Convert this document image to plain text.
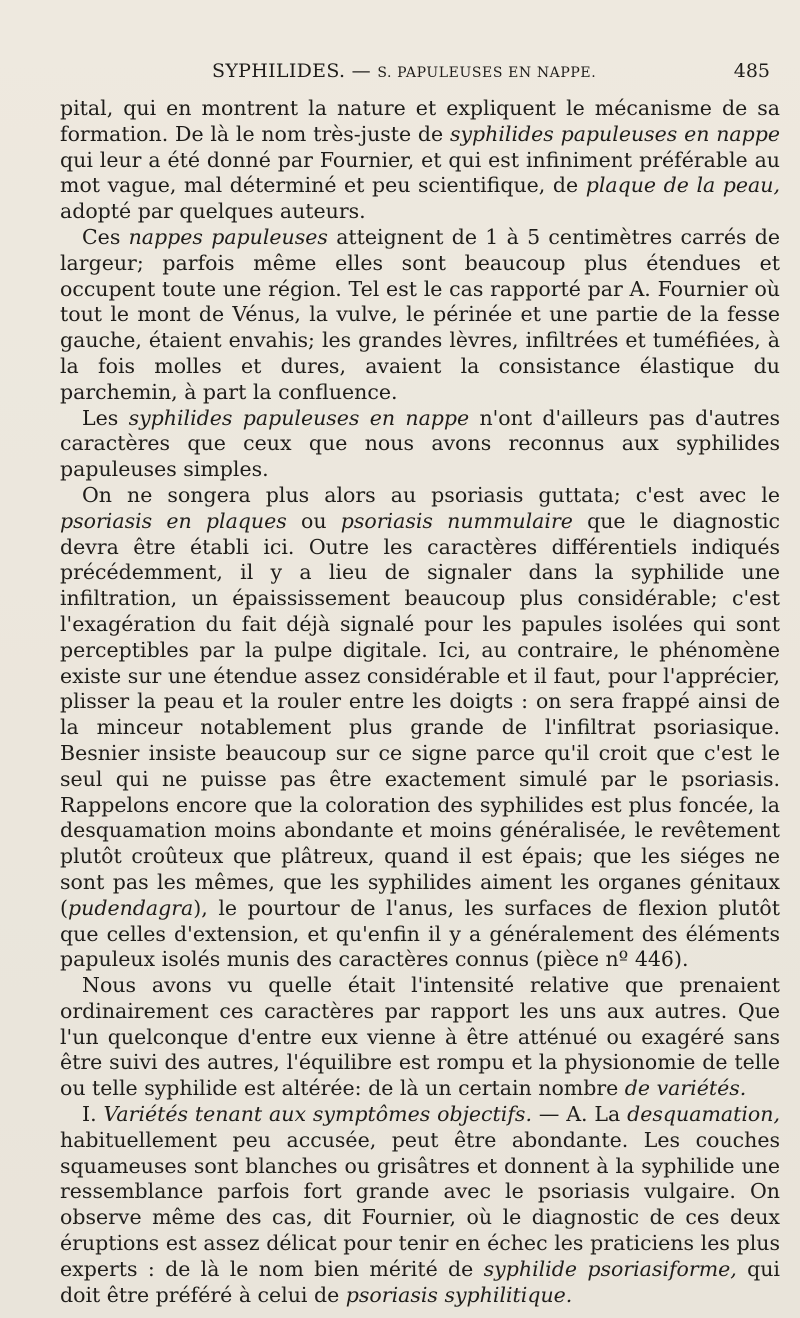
SYPHILIDES. — S. PAPULEUSES EN NAPPE.	485

pital, qui en montrent la nature et expliquent le mécanisme de sa formation. De là le nom très-juste de syphilides papuleuses en nappe qui leur a été donné par Fournier, et qui est infiniment préférable au mot vague, mal déterminé et peu scientifique, de plaque de la peau, adopté par quelques auteurs.

Ces nappes papuleuses atteignent de 1 à 5 centimètres carrés de largeur; parfois même elles sont beaucoup plus étendues et occupent toute une région. Tel est le cas rapporté par A. Fournier où tout le mont de Vénus, la vulve, le périnée et une partie de la fesse gauche, étaient envahis; les grandes lèvres, infiltrées et tuméfiées, à la fois molles et dures, avaient la consistance élastique du parchemin, à part la confluence.

Les syphilides papuleuses en nappe n'ont d'ailleurs pas d'autres caractères que ceux que nous avons reconnus aux syphilides papuleuses simples.

On ne songera plus alors au psoriasis guttata; c'est avec le psoriasis en plaques ou psoriasis nummulaire que le diagnostic devra être établi ici. Outre les caractères différentiels indiqués précédemment, il y a lieu de signaler dans la syphilide une infiltration, un épaississement beaucoup plus considérable; c'est l'exagération du fait déjà signalé pour les papules isolées qui sont perceptibles par la pulpe digitale. Ici, au contraire, le phénomène existe sur une étendue assez considérable et il faut, pour l'apprécier, plisser la peau et la rouler entre les doigts : on sera frappé ainsi de la minceur notablement plus grande de l'infiltrat psoriasique. Besnier insiste beaucoup sur ce signe parce qu'il croit que c'est le seul qui ne puisse pas être exactement simulé par le psoriasis. Rappelons encore que la coloration des syphilides est plus foncée, la desquamation moins abondante et moins généralisée, le revêtement plutôt croûteux que plâtreux, quand il est épais; que les siéges ne sont pas les mêmes, que les syphilides aiment les organes génitaux (pudendagra), le pourtour de l'anus, les surfaces de flexion plutôt que celles d'extension, et qu'enfin il y a généralement des éléments papuleux isolés munis des caractères connus (pièce nº 446).

Nous avons vu quelle était l'intensité relative que prenaient ordinairement ces caractères par rapport les uns aux autres. Que l'un quelconque d'entre eux vienne à être atténué ou exagéré sans être suivi des autres, l'équilibre est rompu et la physionomie de telle ou telle syphilide est altérée: de là un certain nombre de variétés.

I. Variétés tenant aux symptômes objectifs. — A. La desquamation, habituellement peu accusée, peut être abondante. Les couches squameuses sont blanches ou grisâtres et donnent à la syphilide une ressemblance parfois fort grande avec le psoriasis vulgaire. On observe même des cas, dit Fournier, où le diagnostic de ces deux éruptions est assez délicat pour tenir en échec les praticiens les plus experts : de là le nom bien mérité de syphilide psoriasiforme, qui doit être préféré à celui de psoriasis syphilitique.
